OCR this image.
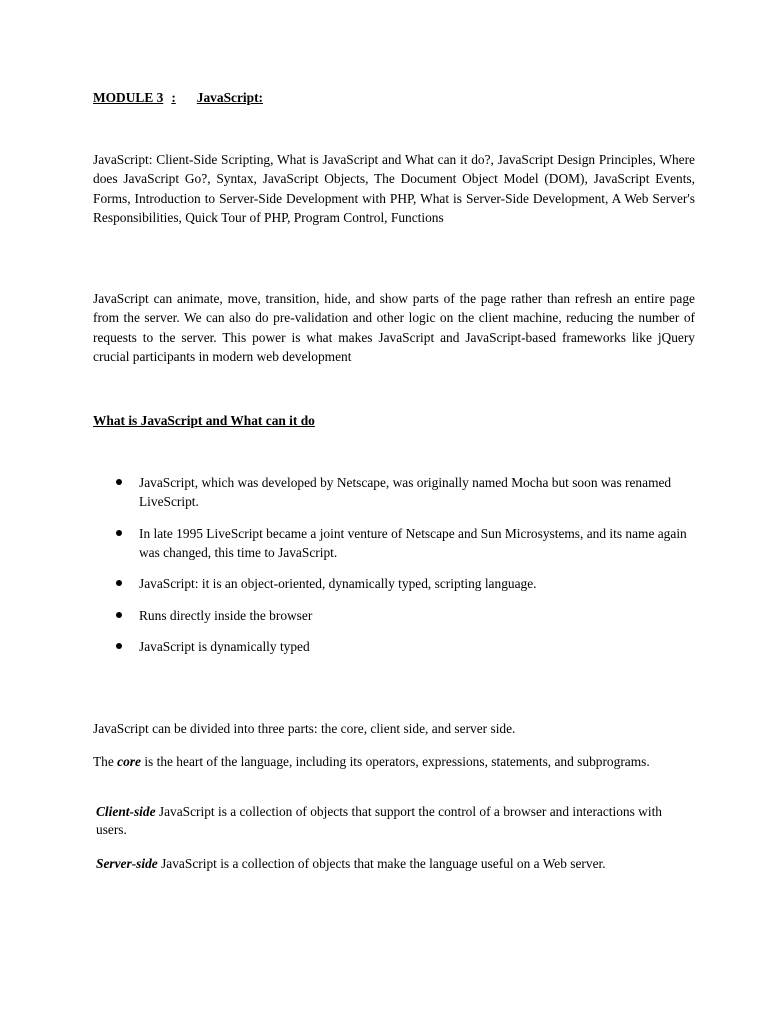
MODULE 3 : JavaScript:

JavaScript: Client-Side Scripting, What is JavaScript and What can it do?, JavaScript Design Principles, Where does JavaScript Go?, Syntax, JavaScript Objects, The Document Object Model (DOM), JavaScript Events, Forms, Introduction to Server-Side Development with PHP, What is Server-Side Development, A Web Server's Responsibilities, Quick Tour of PHP, Program Control, Functions

JavaScript can animate, move, transition, hide, and show parts of the page rather than refresh an entire page from the server. We can also do pre-validation and other logic on the client machine, reducing the number of requests to the server. This power is what makes JavaScript and JavaScript-based frameworks like jQuery crucial participants in modern web development

What is JavaScript and What can it do

JavaScript, which was developed by Netscape, was originally named Mocha but soon was renamed LiveScript.
In late 1995 LiveScript became a joint venture of Netscape and Sun Microsystems, and its name again was changed, this time to JavaScript.
JavaScript: it is an object-oriented, dynamically typed, scripting language.
Runs directly inside the browser
JavaScript is dynamically typed

JavaScript can be divided into three parts: the core, client side, and server side.

The core is the heart of the language, including its operators, expressions, statements, and subprograms.

Client-side JavaScript is a collection of objects that support the control of a browser and interactions with users.

Server-side JavaScript is a collection of objects that make the language useful on a Web server.
